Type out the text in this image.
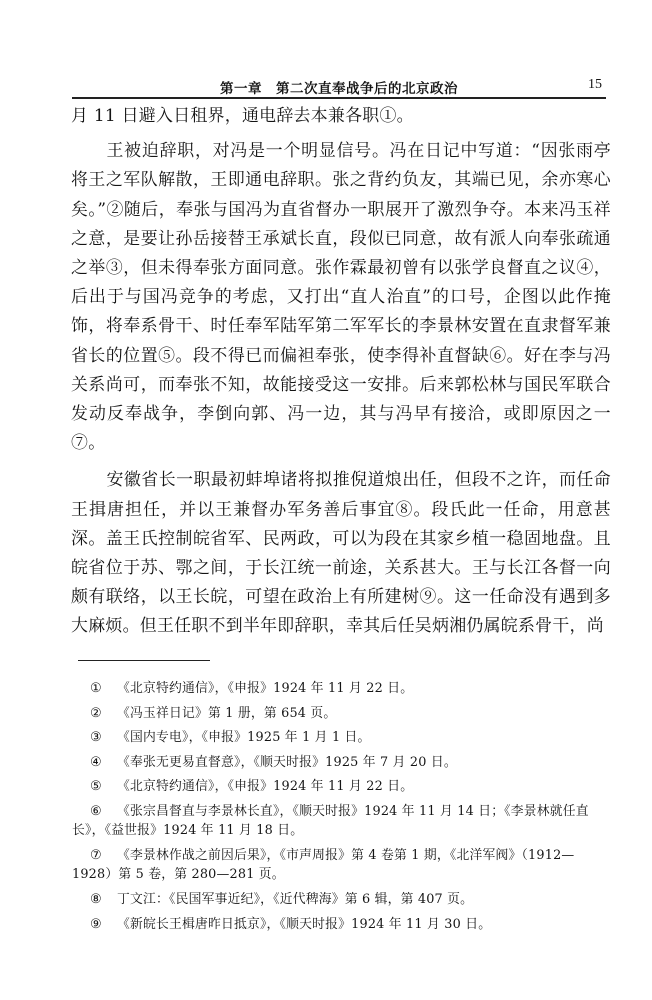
第一章　第二次直奉战争后的北京政治	15

月 11 日避入日租界，通电辞去本兼各职①。

王被迫辞职，对冯是一个明显信号。冯在日记中写道：“因张雨亭将王之军队解散，王即通电辞职。张之背约负友，其端已见，余亦寒心矣。”②随后，奉张与国冯为直省督办一职展开了激烈争夺。本来冯玉祥之意，是要让孙岳接替王承斌长直，段似已同意，故有派人向奉张疏通之举③，但未得奉张方面同意。张作霖最初曾有以张学良督直之议④，后出于与国冯竞争的考虑，又打出“直人治直”的口号，企图以此作掩饰，将奉系骨干、时任奉军陆军第二军军长的李景林安置在直隶督军兼省长的位置⑤。段不得已而偏袒奉张，使李得补直督缺⑥。好在李与冯关系尚可，而奉张不知，故能接受这一安排。后来郭松林与国民军联合发动反奉战争，李倒向郭、冯一边，其与冯早有接洽，或即原因之一⑦。

安徽省长一职最初蚌埠诸将拟推倪道烺出任，但段不之许，而任命王揖唐担任，并以王兼督办军务善后事宜⑧。段氏此一任命，用意甚深。盖王氏控制皖省军、民两政，可以为段在其家乡植一稳固地盘。且皖省位于苏、鄂之间，于长江统一前途，关系甚大。王与长江各督一向颇有联络，以王长皖，可望在政治上有所建树⑨。这一任命没有遇到多大麻烦。但王任职不到半年即辞职，幸其后任吴炳湘仍属皖系骨干，尚

① 《北京特约通信》，《申报》1924 年 11 月 22 日。
② 《冯玉祥日记》第 1 册，第 654 页。
③ 《国内专电》，《申报》1925 年 1 月 1 日。
④ 《奉张无更易直督意》，《顺天时报》1925 年 7 月 20 日。
⑤ 《北京特约通信》，《申报》1924 年 11 月 22 日。
⑥ 《张宗昌督直与李景林长直》，《顺天时报》1924 年 11 月 14 日；《李景林就任直长》，《益世报》1924 年 11 月 18 日。
⑦ 《李景林作战之前因后果》，《市声周报》第 4 卷第 1 期，《北洋军阀》（1912—1928）第 5 卷，第 280—281 页。
⑧ 丁文江：《民国军事近纪》，《近代稗海》第 6 辑，第 407 页。
⑨ 《新皖长王楫唐昨日抵京》，《顺天时报》1924 年 11 月 30 日。
